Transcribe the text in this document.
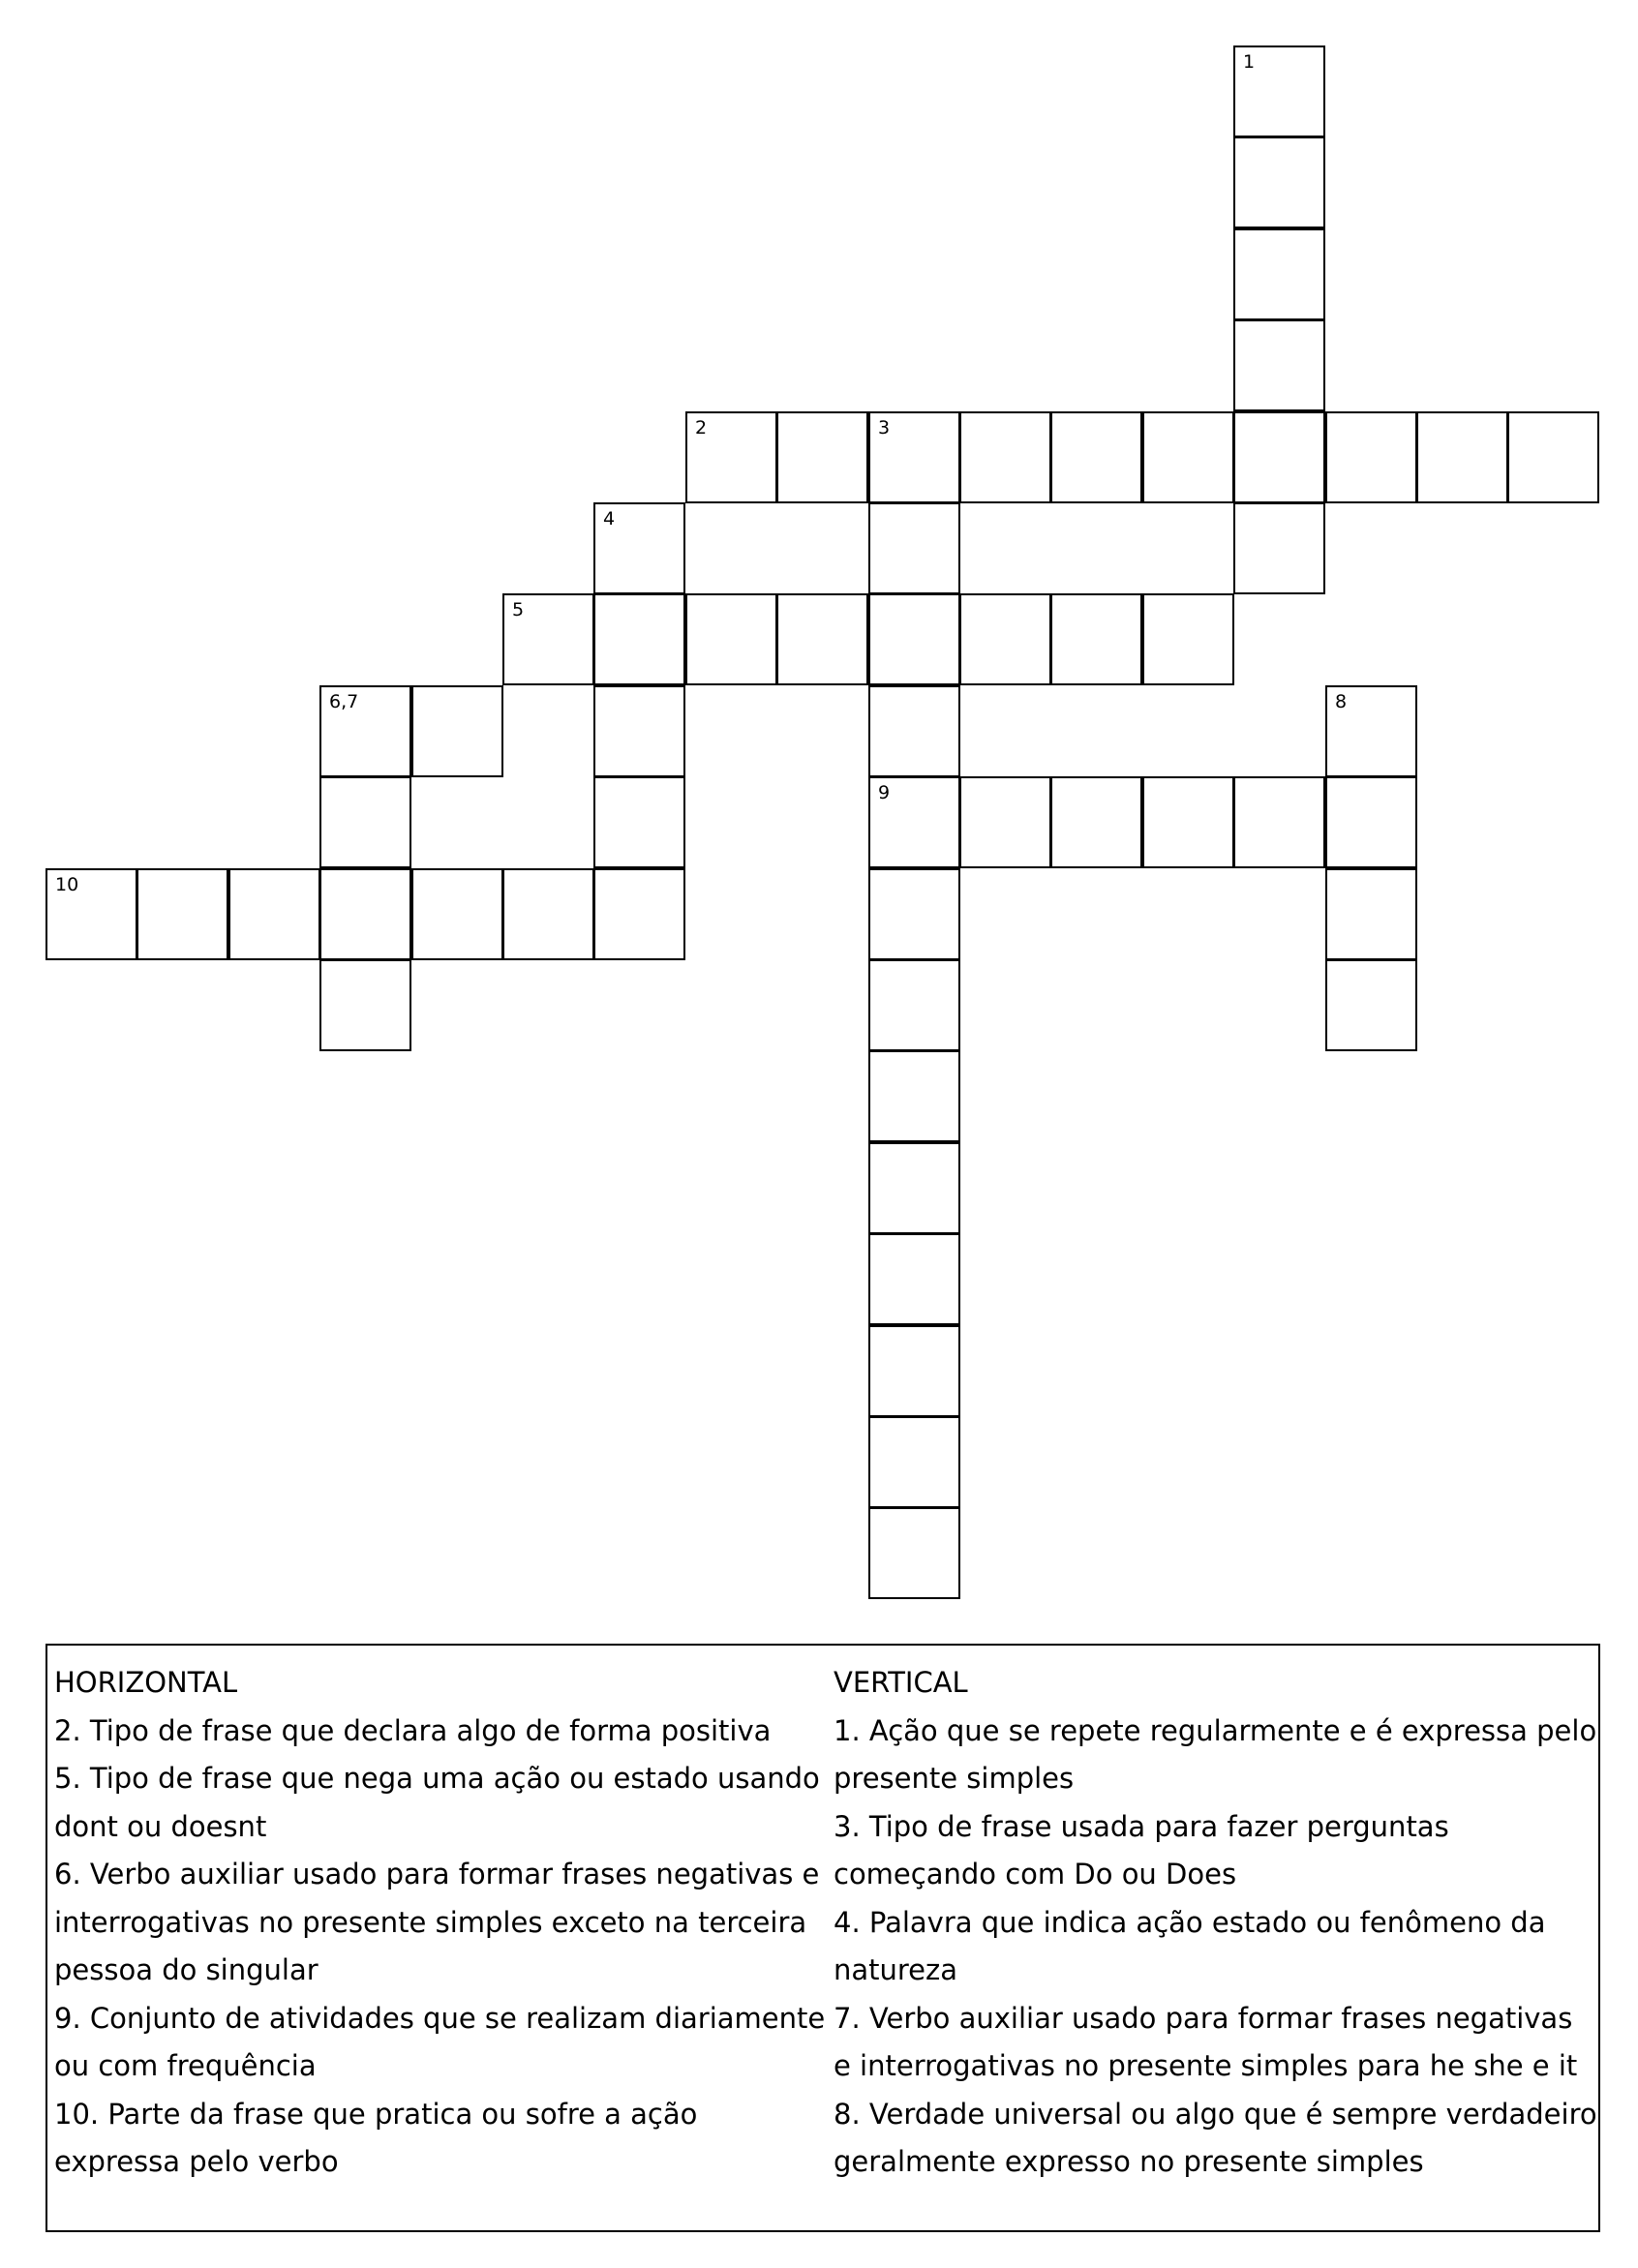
1
2	3
4
5
6,7	8
9
10
HORIZONTAL
2. Tipo de frase que declara algo de forma positiva
5. Tipo de frase que nega uma ação ou estado usando dont ou doesnt
6. Verbo auxiliar usado para formar frases negativas e interrogativas no presente simples exceto na terceira pessoa do singular
9. Conjunto de atividades que se realizam diariamente ou com frequência
10. Parte da frase que pratica ou sofre a ação expressa pelo verbo
VERTICAL
1. Ação que se repete regularmente e é expressa pelo presente simples
3. Tipo de frase usada para fazer perguntas começando com Do ou Does
4. Palavra que indica ação estado ou fenômeno da natureza
7. Verbo auxiliar usado para formar frases negativas e interrogativas no presente simples para he she e it
8. Verdade universal ou algo que é sempre verdadeiro geralmente expresso no presente simples
